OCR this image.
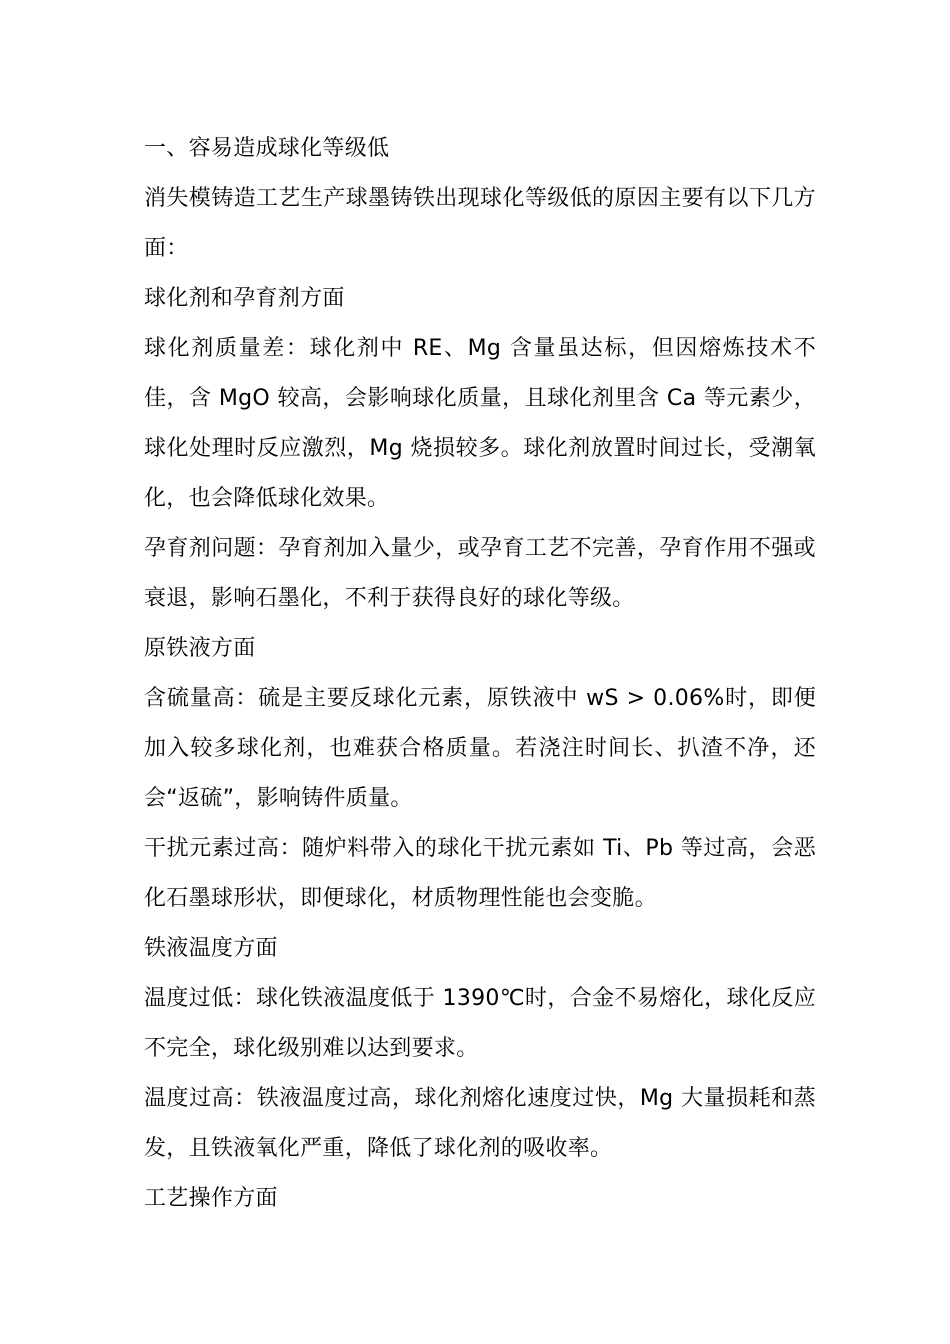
一、容易造成球化等级低

消失模铸造工艺生产球墨铸铁出现球化等级低的原因主要有以下几方面：

球化剂和孕育剂方面

球化剂质量差：球化剂中 RE、Mg 含量虽达标，但因熔炼技术不佳，含 MgO 较高，会影响球化质量，且球化剂里含 Ca 等元素少，球化处理时反应激烈，Mg 烧损较多。球化剂放置时间过长，受潮氧化，也会降低球化效果。

孕育剂问题：孕育剂加入量少，或孕育工艺不完善，孕育作用不强或衰退，影响石墨化，不利于获得良好的球化等级。

原铁液方面

含硫量高：硫是主要反球化元素，原铁液中 wS > 0.06%时，即便加入较多球化剂，也难获合格质量。若浇注时间长、扒渣不净，还会“返硫”，影响铸件质量。

干扰元素过高：随炉料带入的球化干扰元素如 Ti、Pb 等过高，会恶化石墨球形状，即便球化，材质物理性能也会变脆。

铁液温度方面

温度过低：球化铁液温度低于 1390℃时，合金不易熔化，球化反应不完全，球化级别难以达到要求。

温度过高：铁液温度过高，球化剂熔化速度过快，Mg 大量损耗和蒸发，且铁液氧化严重，降低了球化剂的吸收率。

工艺操作方面
